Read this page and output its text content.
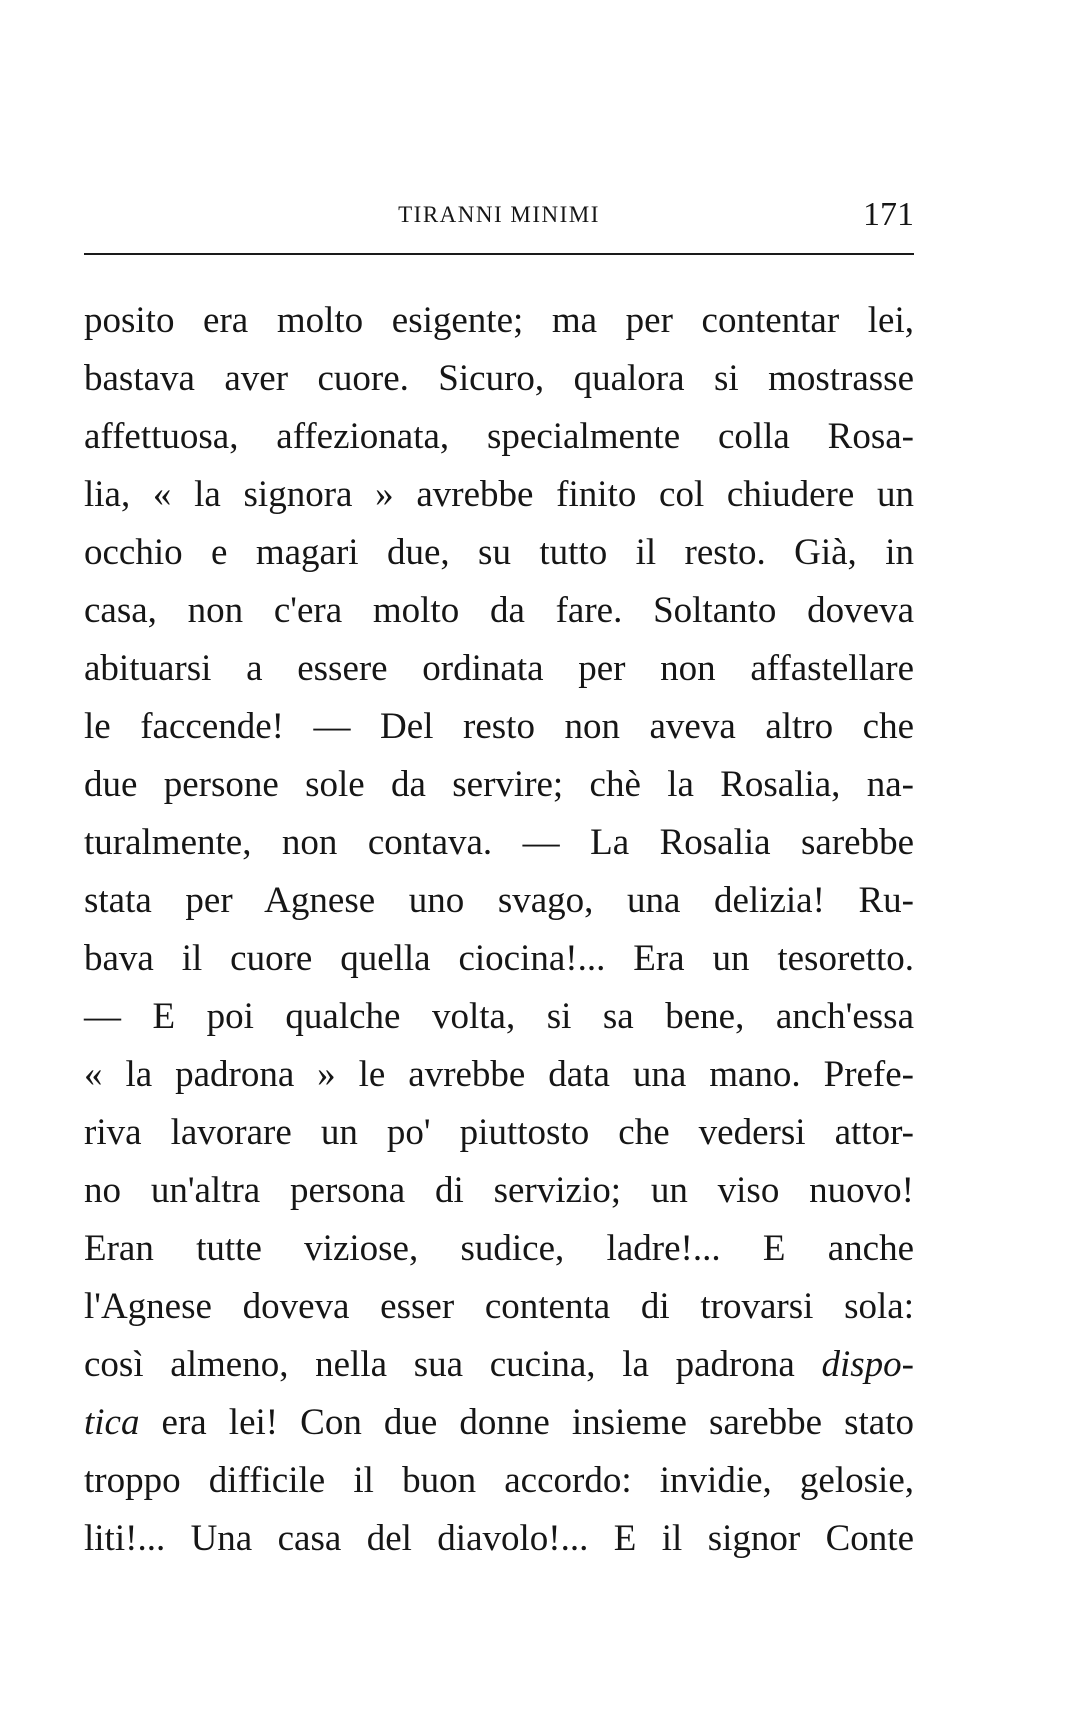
TIRANNI MINIMI	171
posito era molto esigente; ma per contentar lei,
bastava aver cuore. Sicuro, qualora si mostrasse
affettuosa, affezionata, specialmente colla Rosa-
lia, « la signora » avrebbe finito col chiudere un
occhio e magari due, su tutto il resto. Già, in
casa, non c'era molto da fare. Soltanto doveva
abituarsi a essere ordinata per non affastellare
le faccende! — Del resto non aveva altro che
due persone sole da servire; chè la Rosalia, na-
turalmente, non contava. — La Rosalia sarebbe
stata per Agnese uno svago, una delizia! Ru-
bava il cuore quella ciocina!... Era un tesoretto.
— E poi qualche volta, si sa bene, anch'essa
« la padrona » le avrebbe data una mano. Prefe-
riva lavorare un po' piuttosto che vedersi attor-
no un'altra persona di servizio; un viso nuovo!
Eran tutte viziose, sudice, ladre!... E anche
l'Agnese doveva esser contenta di trovarsi sola:
così almeno, nella sua cucina, la padrona dispo-
tica era lei! Con due donne insieme sarebbe stato
troppo difficile il buon accordo: invidie, gelosie,
liti!... Una casa del diavolo!... E il signor Conte
